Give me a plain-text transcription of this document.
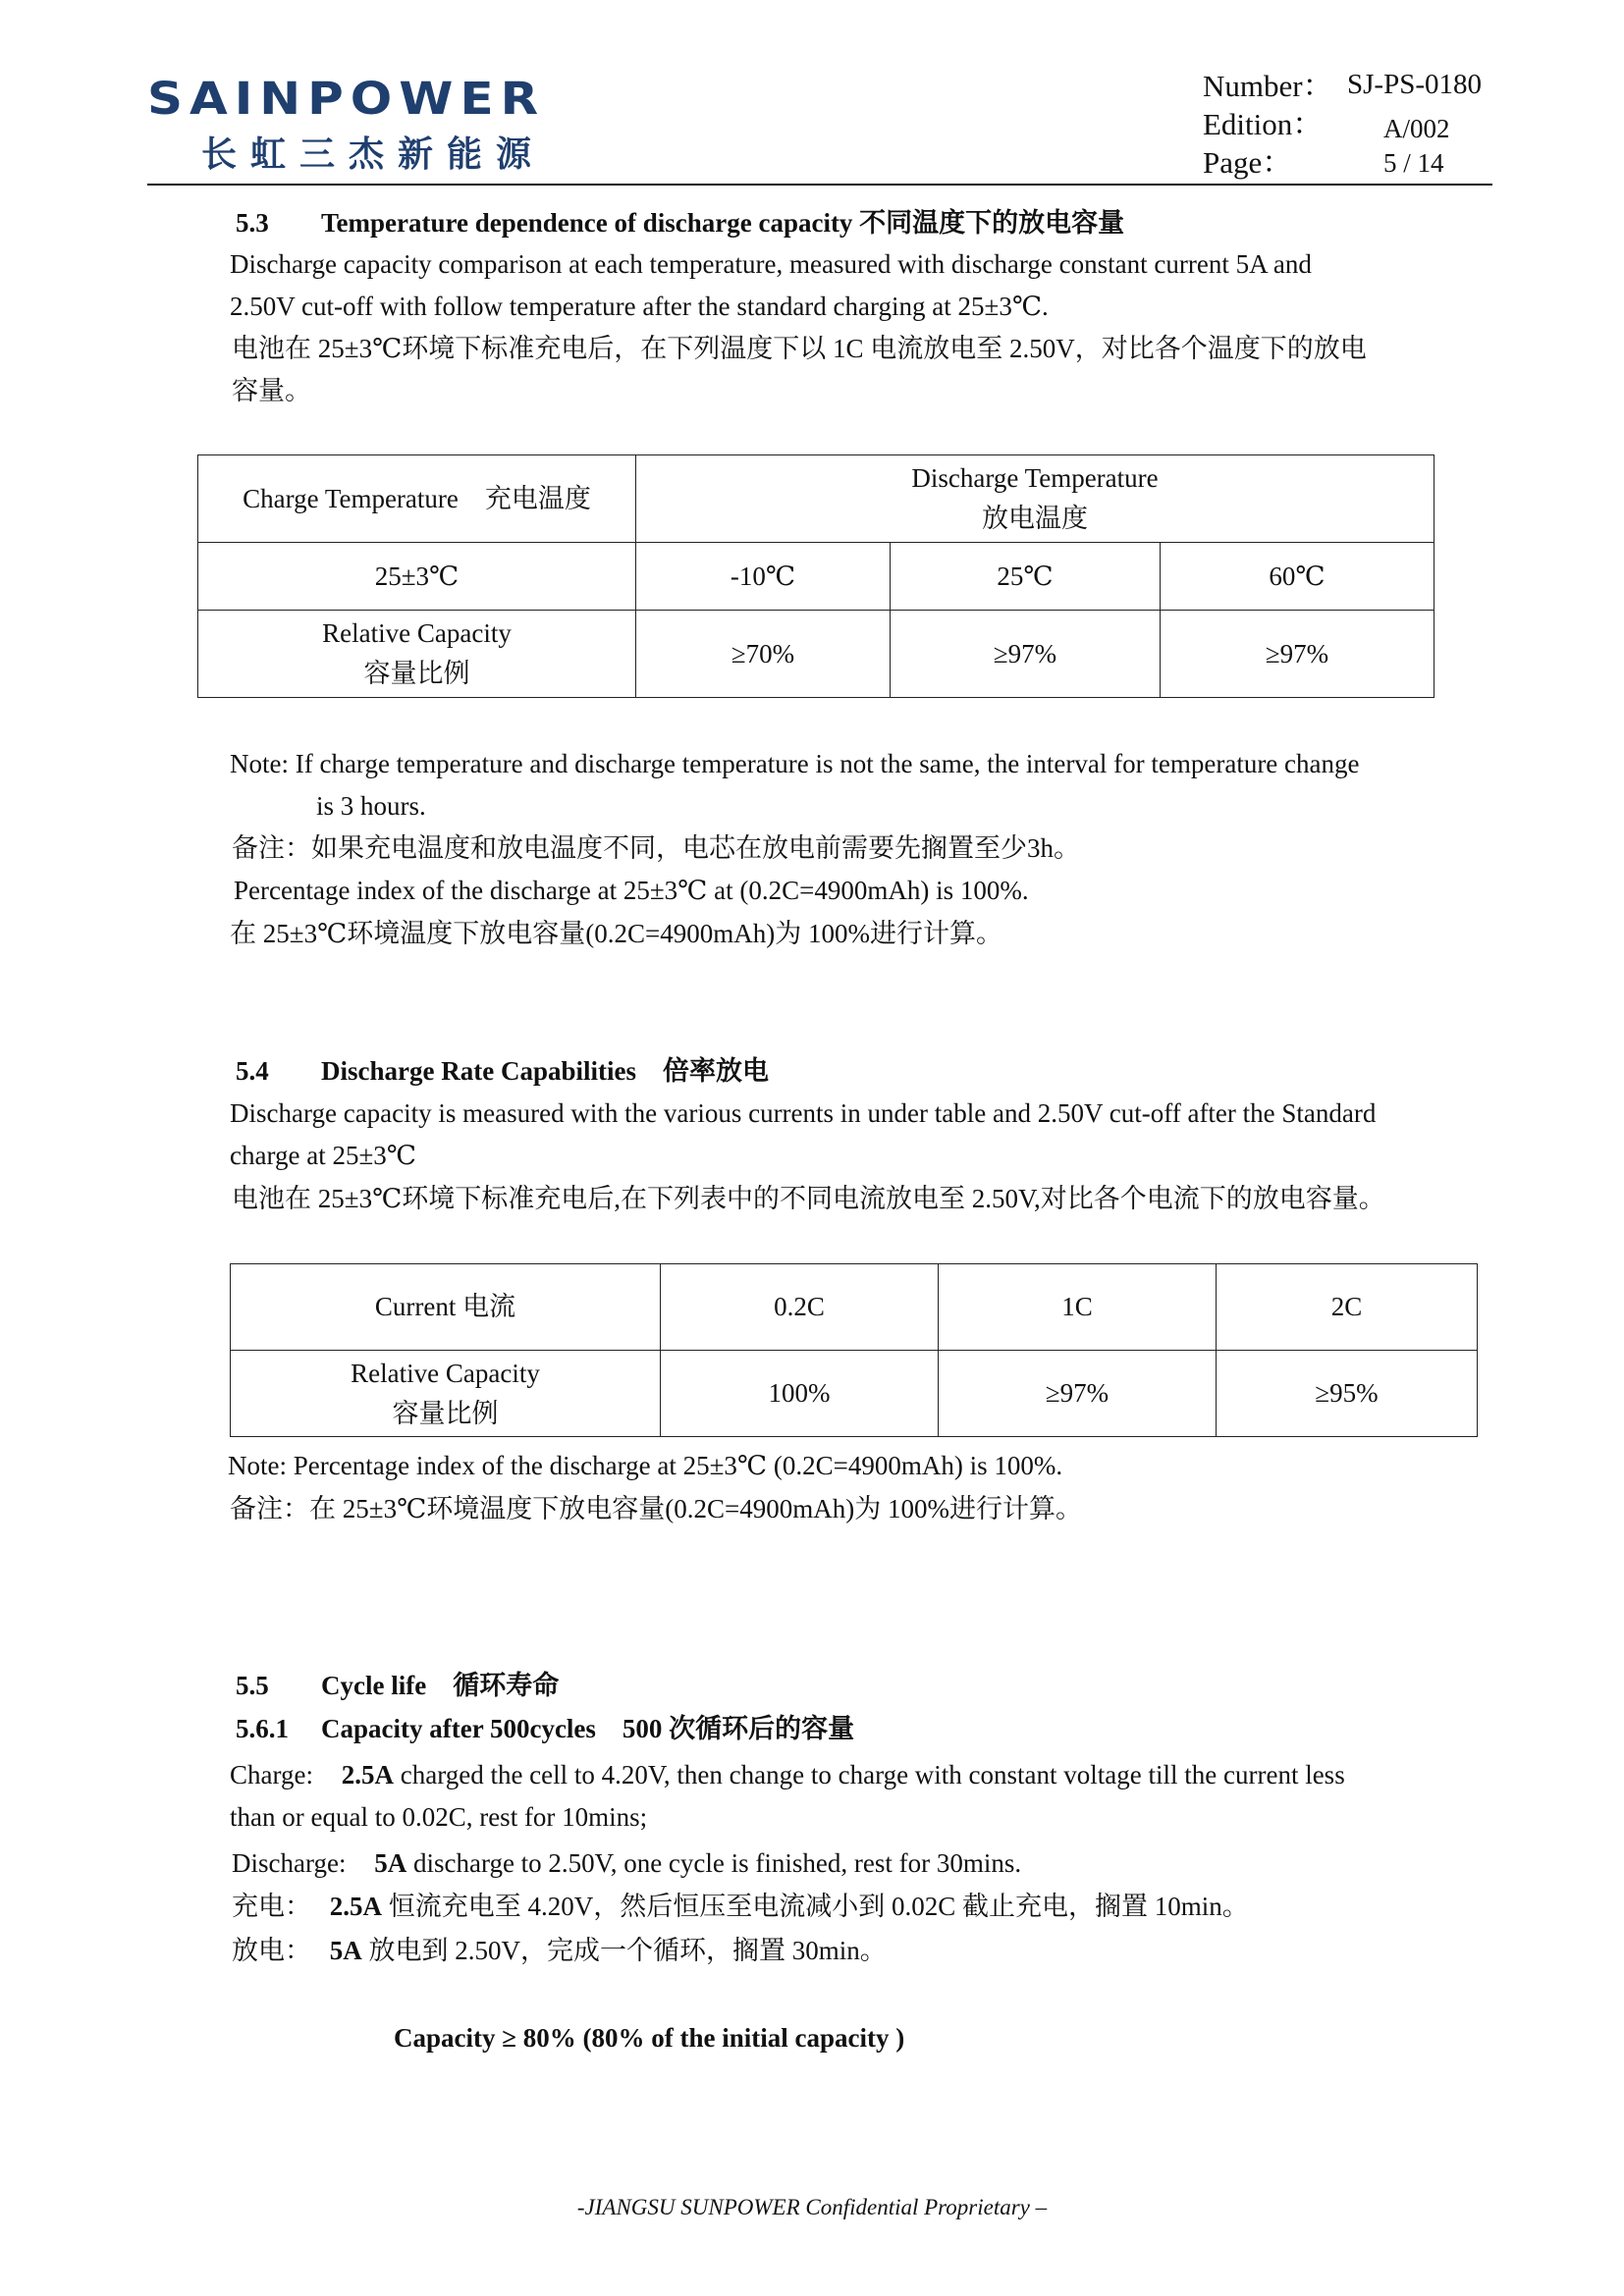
SAINPOWER
长虹三杰新能源
Number： SJ-PS-0180
Edition： A/002
Page：	5 / 14
5.3 Temperature dependence of discharge capacity 不同温度下的放电容量
Discharge capacity comparison at each temperature, measured with discharge constant current 5A and
2.50V cut-off with follow temperature after the standard charging at 25±3℃.
电池在 25±3℃环境下标准充电后，在下列温度下以 1C 电流放电至 2.50V，对比各个温度下的放电
容量。
Charge Temperature　充电温度	Discharge Temperature
放电温度		
25±3℃	-10℃	25℃	60℃
Relative Capacity
容量比例	≥70%	≥97%	≥97%
Note: If charge temperature and discharge temperature is not the same, the interval for temperature change
is 3 hours.
备注：如果充电温度和放电温度不同，电芯在放电前需要先搁置至少3h。
Percentage index of the discharge at 25±3℃ at (0.2C=4900mAh) is 100%.
在 25±3℃环境温度下放电容量(0.2C=4900mAh)为 100%进行计算。
5.4 Discharge Rate Capabilities　倍率放电
Discharge capacity is measured with the various currents in under table and 2.50V cut-off after the Standard
charge at 25±3℃
电池在 25±3℃环境下标准充电后,在下列表中的不同电流放电至 2.50V,对比各个电流下的放电容量。
Current 电流	0.2C	1C	2C
Relative Capacity
容量比例	100%	≥97%	≥95%
Note: Percentage index of the discharge at 25±3℃ (0.2C=4900mAh) is 100%.
备注：在 25±3℃环境温度下放电容量(0.2C=4900mAh)为 100%进行计算。
5.5 Cycle life　循环寿命
5.6.1 Capacity after 500cycles　500 次循环后的容量
Charge: 2.5A charged the cell to 4.20V, then change to charge with constant voltage till the current less
than or equal to 0.02C, rest for 10mins;
Discharge: 5A discharge to 2.50V, one cycle is finished, rest for 30mins.
充电： 2.5A 恒流充电至 4.20V，然后恒压至电流减小到 0.02C 截止充电，搁置 10min。
放电： 5A 放电到 2.50V，完成一个循环，搁置 30min。
Capacity ≥ 80% (80% of the initial capacity )
-JIANGSU SUNPOWER Confidential Proprietary –
